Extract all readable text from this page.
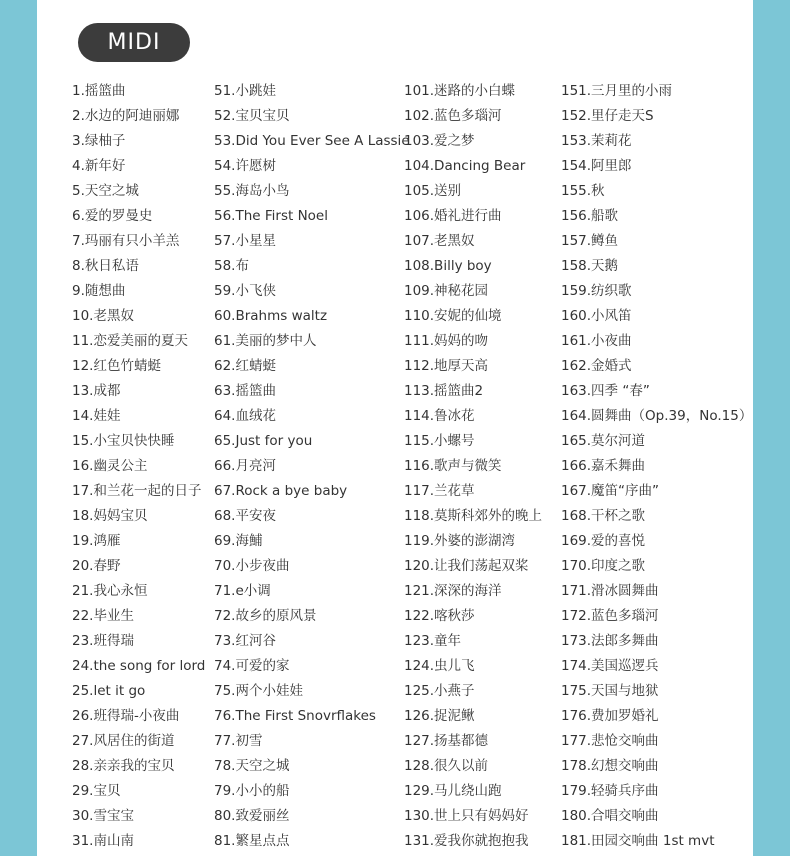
MIDI
1.摇篮曲
2.水边的阿迪丽娜
3.绿柚子
4.新年好
5.天空之城
6.爱的罗曼史
7.玛丽有只小羊羔
8.秋日私语
9.随想曲
10.老黑奴
11.恋爱美丽的夏天
12.红色竹蜻蜓
13.成都
14.娃娃
15.小宝贝快快睡
16.幽灵公主
17.和兰花一起的日子
18.妈妈宝贝
19.鸿雁
20.春野
21.我心永恒
22.毕业生
23.班得瑞
24.the song for lord
25.let it go
26.班得瑞-小夜曲
27.风居住的街道
28.亲亲我的宝贝
29.宝贝
30.雪宝宝
31.南山南
51.小跳娃
52.宝贝宝贝
53.Did You Ever See A Lassie
54.许愿树
55.海岛小鸟
56.The First Noel
57.小星星
58.布
59.小飞侠
60.Brahms waltz
61.美丽的梦中人
62.红蜻蜓
63.摇篮曲
64.血绒花
65.Just for you
66.月亮河
67.Rock a bye baby
68.平安夜
69.海鯆
70.小步夜曲
71.e小调
72.故乡的原风景
73.红河谷
74.可爱的家
75.两个小娃娃
76.The First Snovrflakes
77.初雪
78.天空之城
79.小小的船
80.致爱丽丝
81.繁星点点
101.迷路的小白蝶
102.蓝色多瑙河
103.爱之梦
104.Dancing Bear
105.送别
106.婚礼进行曲
107.老黑奴
108.Billy boy
109.神秘花园
110.安妮的仙境
111.妈妈的吻
112.地厚天高
113.摇篮曲2
114.鲁冰花
115.小螺号
116.歌声与微笑
117.兰花草
118.莫斯科郊外的晚上
119.外婆的澎湖湾
120.让我们荡起双桨
121.深深的海洋
122.喀秋莎
123.童年
124.虫儿飞
125.小燕子
126.捉泥鳅
127.扬基都德
128.很久以前
129.马儿绕山跑
130.世上只有妈妈好
131.爱我你就抱抱我
151.三月里的小雨
152.里仔走天S
153.茉莉花
154.阿里郎
155.秋
156.船歌
157.鳟鱼
158.天鹅
159.纺织歌
160.小风笛
161.小夜曲
162.金婚式
163.四季 “春”
164.圆舞曲（Op.39，No.15）
165.莫尔河道
166.嘉禾舞曲
167.魔笛“序曲”
168.干杯之歌
169.爱的喜悦
170.印度之歌
171.滑冰圆舞曲
172.蓝色多瑙河
173.法郎多舞曲
174.美国巡逻兵
175.天国与地狱
176.费加罗婚礼
177.悲怆交响曲
178.幻想交响曲
179.轻骑兵序曲
180.合唱交响曲
181.田园交响曲 1st mvt
